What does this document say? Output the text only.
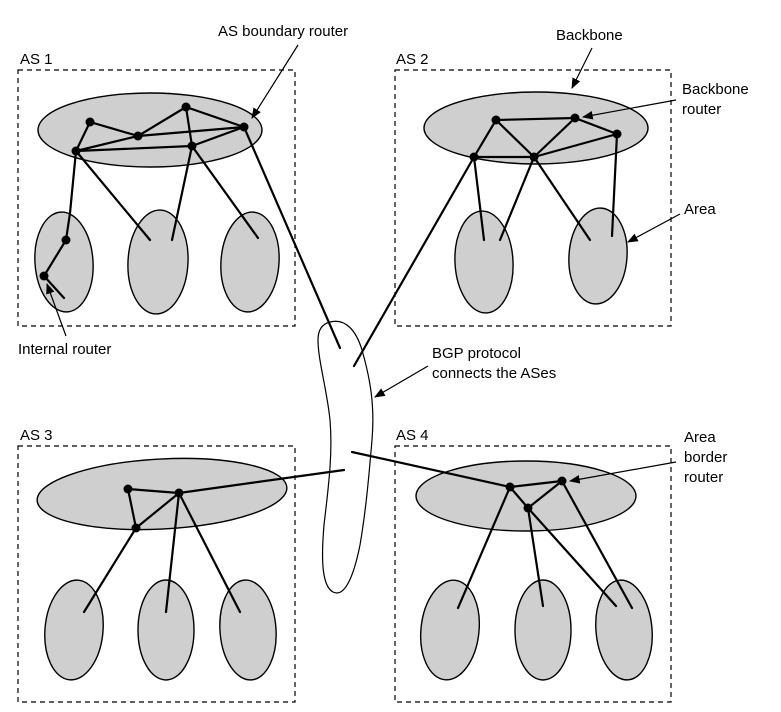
AS 1	AS 2
AS 3	AS 4
AS boundary router	Backbone
Backbone
router
Area
Internal router	BGP protocol
connects the ASes
Area
border
router
